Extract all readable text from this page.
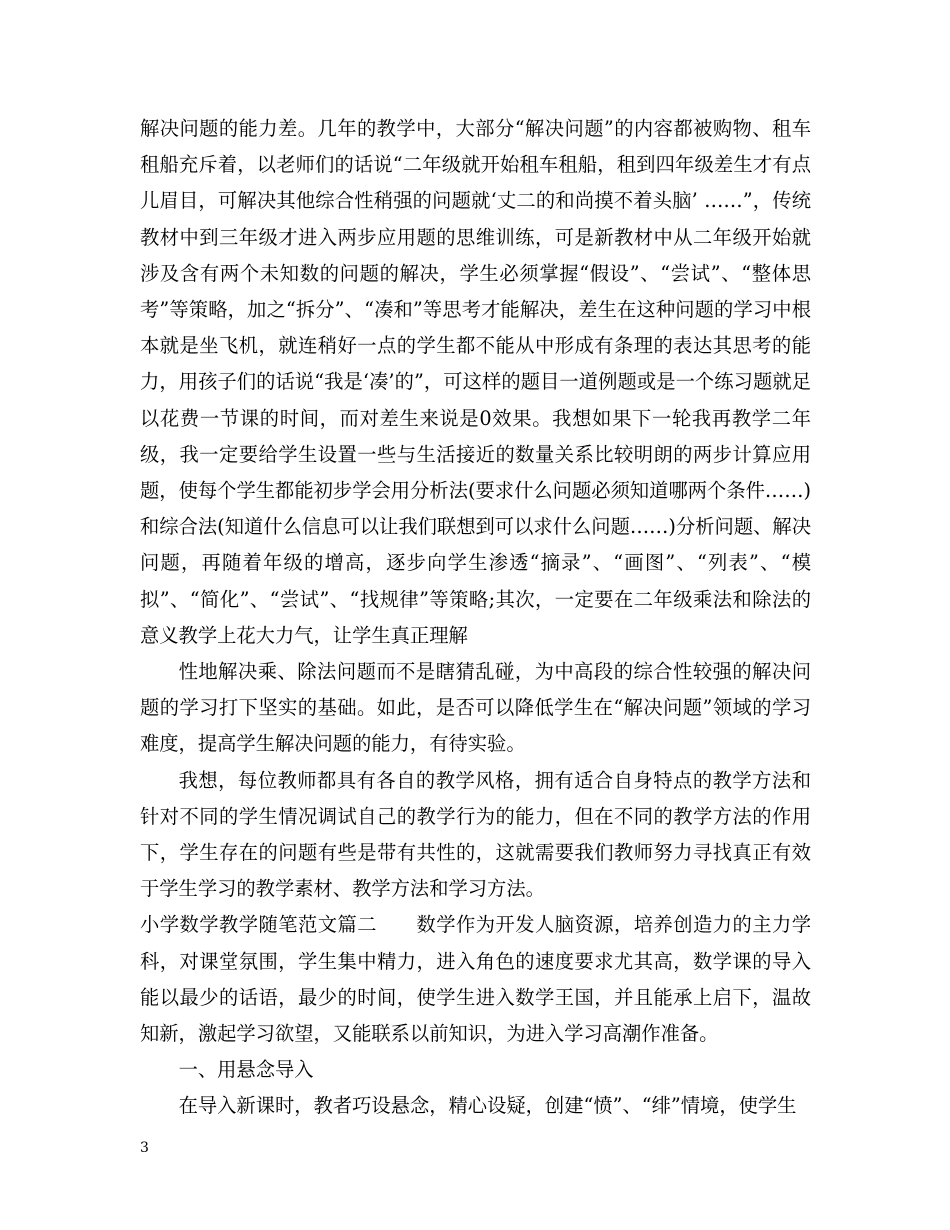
解决问题的能力差。几年的教学中，大部分“解决问题”的内容都被购物、租车租船充斥着，以老师们的话说“二年级就开始租车租船，租到四年级差生才有点儿眉目，可解决其他综合性稍强的问题就‘丈二的和尚摸不着头脑’ ……”，传统教材中到三年级才进入两步应用题的思维训练，可是新教材中从二年级开始就涉及含有两个未知数的问题的解决，学生必须掌握“假设”、“尝试”、“整体思考”等策略，加之“拆分”、“凑和”等思考才能解决，差生在这种问题的学习中根本就是坐飞机，就连稍好一点的学生都不能从中形成有条理的表达其思考的能力，用孩子们的话说“我是‘凑’的”，可这样的题目一道例题或是一个练习题就足以花费一节课的时间，而对差生来说是0效果。我想如果下一轮我再教学二年级，我一定要给学生设置一些与生活接近的数量关系比较明朗的两步计算应用题，使每个学生都能初步学会用分析法(要求什么问题必须知道哪两个条件……)和综合法(知道什么信息可以让我们联想到可以求什么问题……)分析问题、解决问题，再随着年级的增高，逐步向学生渗透“摘录”、“画图”、“列表”、“模拟”、“简化”、“尝试”、“找规律”等策略;其次，一定要在二年级乘法和除法的意义教学上花大力气，让学生真正理解

性地解决乘、除法问题而不是瞎猜乱碰，为中高段的综合性较强的解决问题的学习打下坚实的基础。如此，是否可以降低学生在“解决问题”领域的学习难度，提高学生解决问题的能力，有待实验。

我想，每位教师都具有各自的教学风格，拥有适合自身特点的教学方法和针对不同的学生情况调试自己的教学行为的能力，但在不同的教学方法的作用下，学生存在的问题有些是带有共性的，这就需要我们教师努力寻找真正有效于学生学习的教学素材、教学方法和学习方法。

小学数学教学随笔范文篇二　　数学作为开发人脑资源，培养创造力的主力学科，对课堂氛围，学生集中精力，进入角色的速度要求尤其高，数学课的导入能以最少的话语，最少的时间，使学生进入数学王国，并且能承上启下，温故知新，激起学习欲望，又能联系以前知识，为进入学习高潮作准备。

一、用悬念导入

在导入新课时，教者巧设悬念，精心设疑，创建“愤”、“绯”情境，使学生

3
